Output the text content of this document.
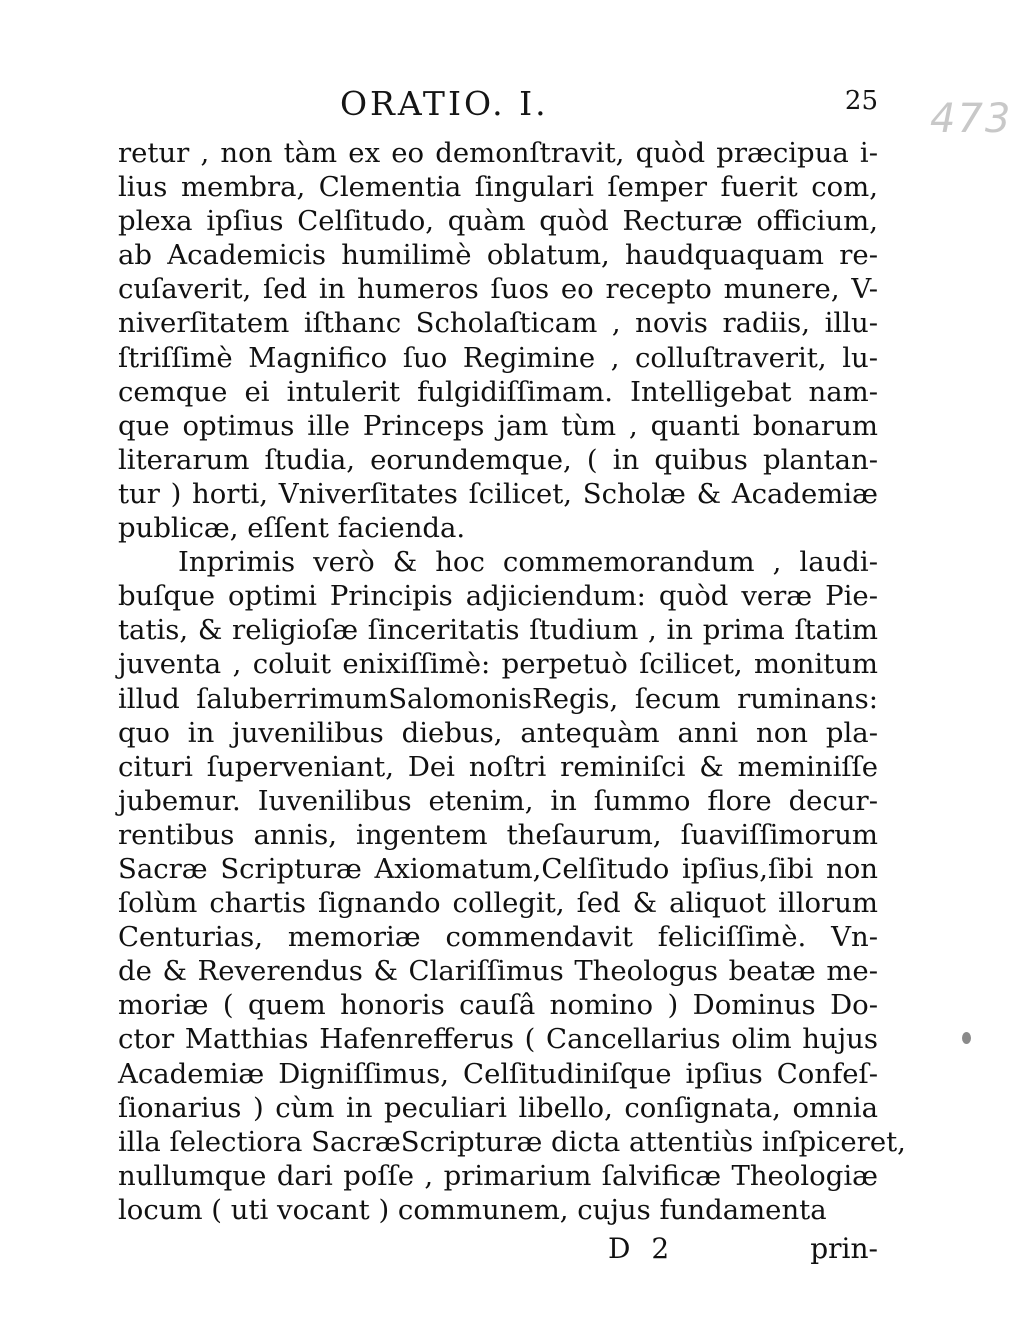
ORATIO. I.	25 473
retur , non tàm ex eo demonſtravit, quòd præcipua i-
lius membra, Clementia ſingulari ſemper fuerit com,
plexa ipſius Celſitudo, quàm quòd Recturæ officium,
ab Academicis humilimè oblatum, haudquaquam re-
cuſaverit, ſed in humeros ſuos eo recepto munere, V-
niverſitatem iſthanc Scholaſticam , novis radiis, illu-
ſtriſſimè Magnifico ſuo Regimine , colluſtraverit, lu-
cemque ei intulerit fulgidiſſimam. Intelligebat nam-
que optimus ille Princeps jam tùm , quanti bonarum
literarum ſtudia, eorundemque, ( in quibus plantan-
tur ) horti, Vniverſitates ſcilicet, Scholæ & Academiæ
publicæ, eſſent facienda.
Inprimis verò & hoc commemorandum , laudi-
buſque optimi Principis adjiciendum: quòd veræ Pie-
tatis, & religioſæ ſinceritatis ſtudium , in prima ſtatim
juventa , coluit enixiſſimè: perpetuò ſcilicet, monitum
illud ſaluberrimumSalomonisRegis, ſecum ruminans:
quo in juvenilibus diebus, antequàm anni non pla-
cituri ſuperveniant, Dei noſtri reminiſci & meminiſſe
jubemur. Iuvenilibus etenim, in ſummo flore decur-
rentibus annis, ingentem theſaurum, ſuaviſſimorum
Sacræ Scripturæ Axiomatum,Celſitudo ipſius,ſibi non
ſolùm chartis ſignando collegit, ſed & aliquot illorum
Centurias, memoriæ commendavit feliciſſimè. Vn-
de & Reverendus & Clariſſimus Theologus beatæ me-
moriæ ( quem honoris cauſâ nomino ) Dominus Do-
ctor Matthias Hafenrefferus ( Cancellarius olim hujus
Academiæ Digniſſimus, Celſitudiniſque ipſius Confeſ-
ſionarius ) cùm in peculiari libello, conſignata, omnia
illa ſelectiora SacræScripturæ dicta attentiùs inſpiceret,
nullumque dari poſſe , primarium ſalvificæ Theologiæ
locum ( uti vocant ) communem, cujus fundamenta
D 2	prin-
